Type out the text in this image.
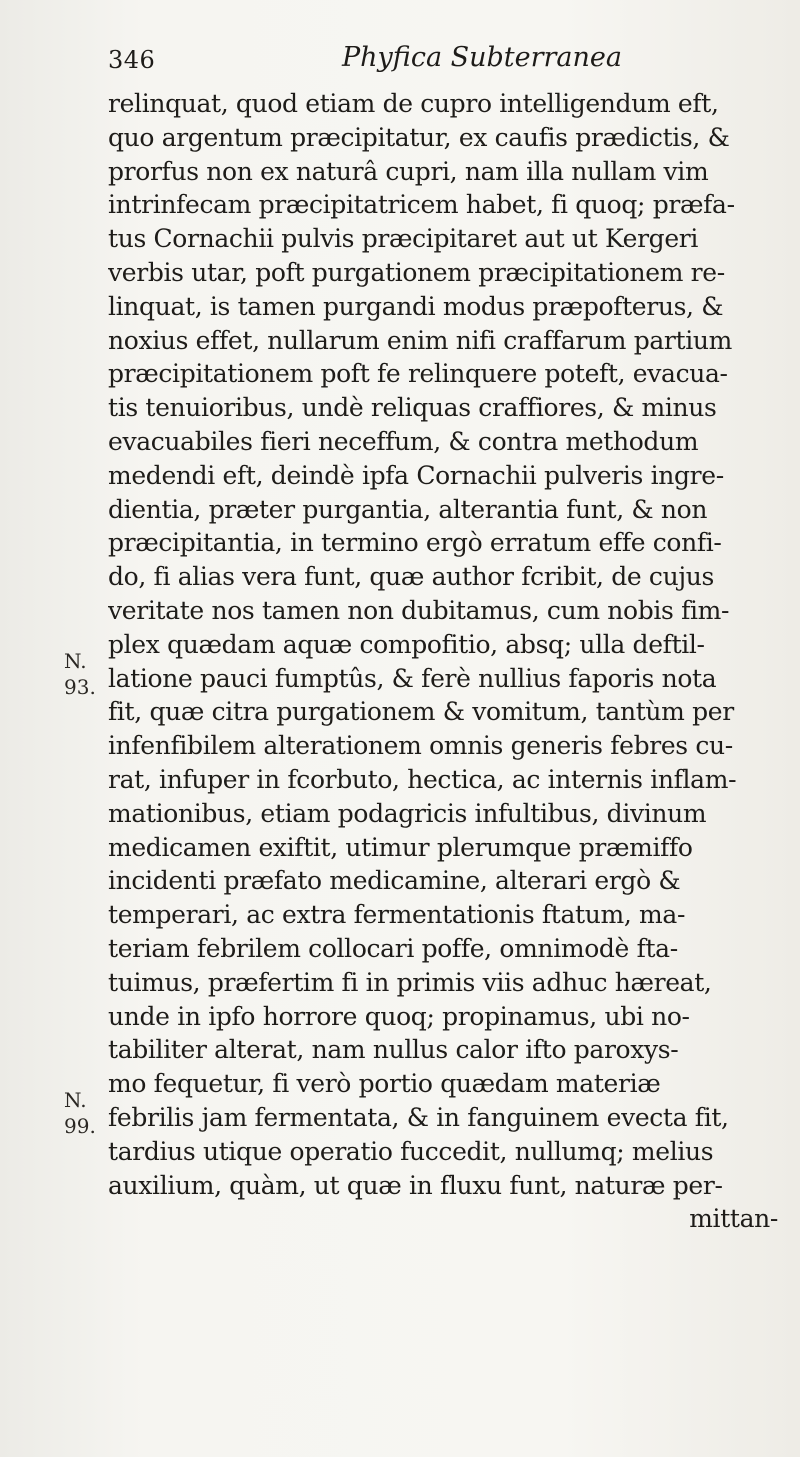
346	Phyfica Subterranea
N.
93.
N.
99.
relinquat, quod etiam de cupro intelligendum eft,
quo argentum præcipitatur, ex caufis prædictis, &
prorfus non ex naturâ cupri, nam illa nullam vim
intrinfecam præcipitatricem habet, fi quoq; præfa-
tus Cornachii pulvis præcipitaret aut ut Kergeri
verbis utar, poft purgationem præcipitationem re-
linquat, is tamen purgandi modus præpofterus, &
noxius effet, nullarum enim nifi craffarum partium
præcipitationem poft fe relinquere poteft, evacua-
tis tenuioribus, undè reliquas craffiores, & minus
evacuabiles fieri neceffum, & contra methodum
medendi eft, deindè ipfa Cornachii pulveris ingre-
dientia, præter purgantia, alterantia funt, & non
præcipitantia, in termino ergò erratum effe confi-
do, fi alias vera funt, quæ author fcribit, de cujus
veritate nos tamen non dubitamus, cum nobis fim-
plex quædam aquæ compofitio, absq; ulla deftil-
latione pauci fumptûs, & ferè nullius faporis nota
fit, quæ citra purgationem & vomitum, tantùm per
infenfibilem alterationem omnis generis febres cu-
rat, infuper in fcorbuto, hectica, ac internis inflam-
mationibus, etiam podagricis infultibus, divinum
medicamen exiftit, utimur plerumque præmiffo
incidenti præfato medicamine, alterari ergò &
temperari, ac extra fermentationis ftatum, ma-
teriam febrilem collocari poffe, omnimodè fta-
tuimus, præfertim fi in primis viis adhuc hæreat,
unde in ipfo horrore quoq; propinamus, ubi no-
tabiliter alterat, nam nullus calor ifto paroxys-
mo fequetur, fi verò portio quædam materiæ
febrilis jam fermentata, & in fanguinem evecta fit,
tardius utique operatio fuccedit, nullumq; melius
auxilium, quàm, ut quæ in fluxu funt, naturæ per-
mittan-
